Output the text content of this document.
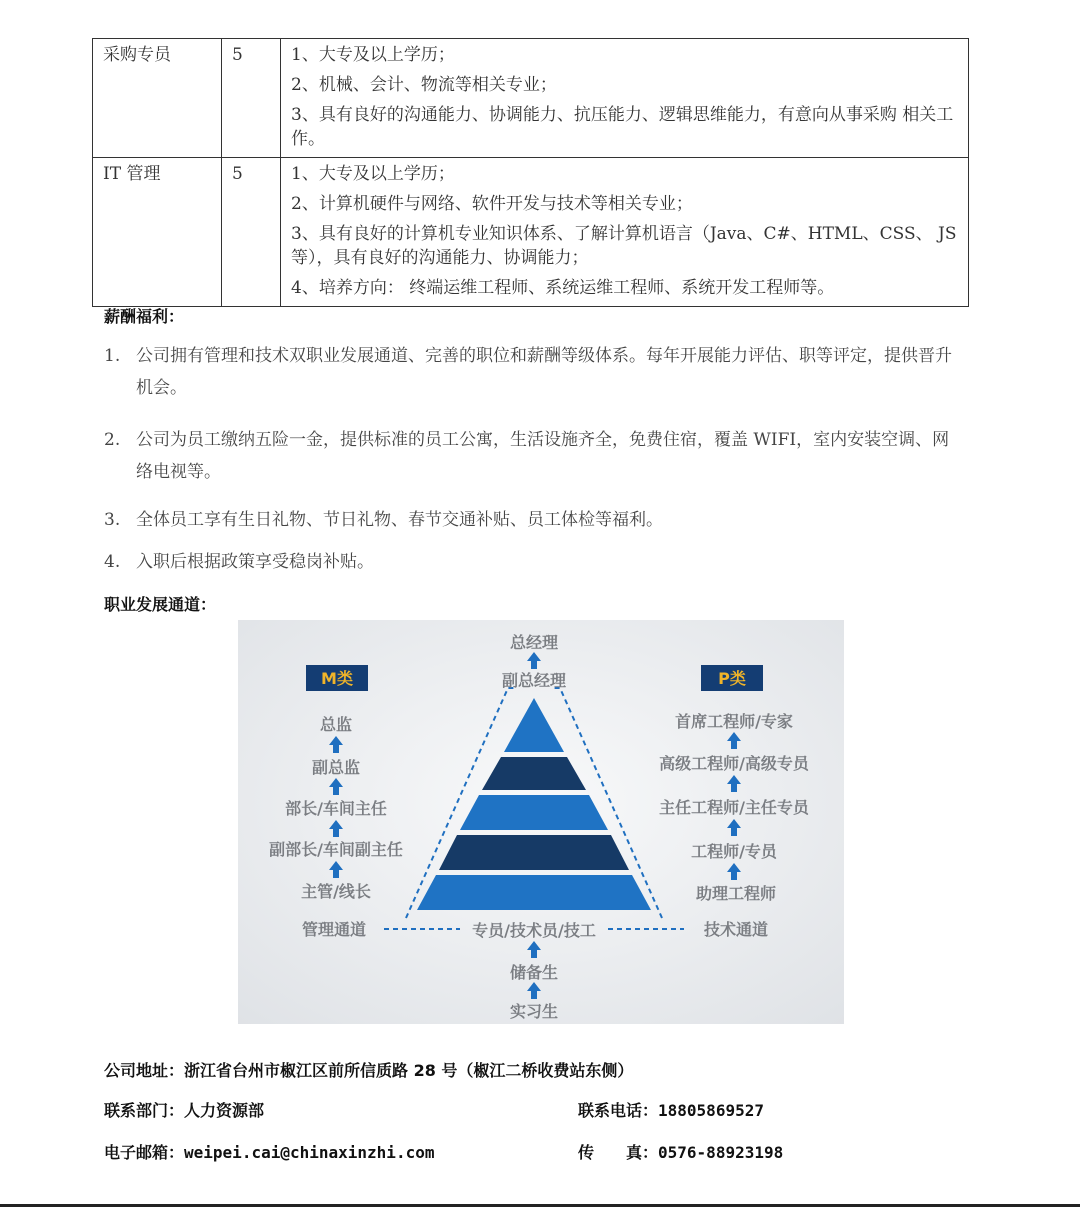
采购专员	5	1、大专及以上学历；

2、机械、会计、物流等相关专业；

3、具有良好的沟通能力、协调能力、抗压能力、逻辑思维能力，有意向从事采购 相关工作。

IT 管理	5	1、大专及以上学历；

2、计算机硬件与网络、软件开发与技术等相关专业；

3、具有良好的计算机专业知识体系、了解计算机语言（Java、C#、HTML、CSS、 JS等），具有良好的沟通能力、协调能力；

4、培养方向： 终端运维工程师、系统运维工程师、系统开发工程师等。

薪酬福利：
1. 公司拥有管理和技术双职业发展通道、完善的职位和薪酬等级体系。每年开展能力评估、职等评定，提供晋升机会。
2. 公司为员工缴纳五险一金，提供标准的员工公寓，生活设施齐全，免费住宿，覆盖 WIFI，室内安装空调、网络电视等。
3. 全体员工享有生日礼物、节日礼物、春节交通补贴、员工体检等福利。
4. 入职后根据政策享受稳岗补贴。
职业发展通道：
M类	P类
总经理
副总经理
总监
副总监
部长/车间主任
副部长/车间副主任
主管/线长
管理通道
首席工程师/专家
高级工程师/高级专员
主任工程师/主任专员
工程师/专员
助理工程师
技术通道
专员/技术员/技工
储备生
实习生
公司地址：浙江省台州市椒江区前所信质路 28 号（椒江二桥收费站东侧）
联系部门：人力资源部	联系电话：18805869527
电子邮箱：weipei.cai@chinaxinzhi.com	传　　真：0576-88923198
